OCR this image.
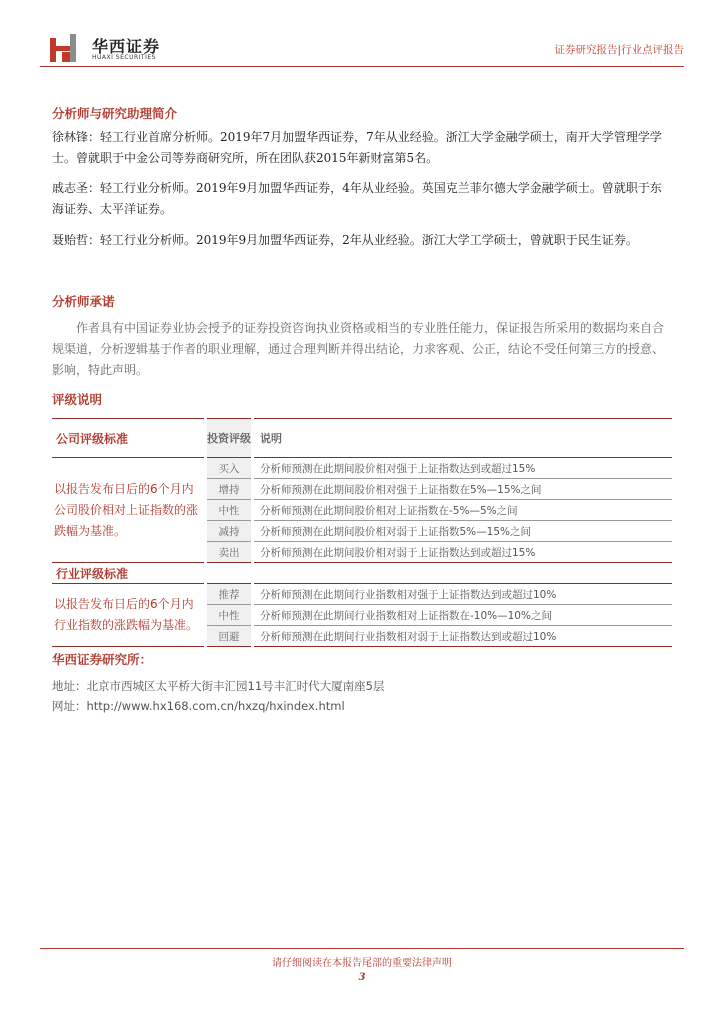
华西证券
HUAXI SECURITIES
证券研究报告|行业点评报告
分析师与研究助理简介
徐林锋：轻工行业首席分析师。2019年7月加盟华西证券，7年从业经验。浙江大学金融学硕士，南开大学管理学学士。曾就职于中金公司等券商研究所，所在团队获2015年新财富第5名。
戚志圣：轻工行业分析师。2019年9月加盟华西证券，4年从业经验。英国克兰菲尔德大学金融学硕士。曾就职于东海证券、太平洋证券。
聂贻哲：轻工行业分析师。2019年9月加盟华西证券，2年从业经验。浙江大学工学硕士，曾就职于民生证券。
分析师承诺
作者具有中国证券业协会授予的证券投资咨询执业资格或相当的专业胜任能力，保证报告所采用的数据均来自合规渠道，分析逻辑基于作者的职业理解，通过合理判断并得出结论，力求客观、公正，结论不受任何第三方的授意、影响，特此声明。
评级说明
公司评级标准	投资评级	说明
以报告发布日后的6个月内公司股价相对上证指数的涨跌幅为基准。	买入	分析师预测在此期间股价相对强于上证指数达到或超过15%
	增持	分析师预测在此期间股价相对强于上证指数在5%—15%之间
	中性	分析师预测在此期间股价相对上证指数在-5%—5%之间
	减持	分析师预测在此期间股价相对弱于上证指数5%—15%之间
	卖出	分析师预测在此期间股价相对弱于上证指数达到或超过15%
行业评级标准		
以报告发布日后的6个月内行业指数的涨跌幅为基准。	推荐	分析师预测在此期间行业指数相对强于上证指数达到或超过10%
	中性	分析师预测在此期间行业指数相对上证指数在-10%—10%之间
	回避	分析师预测在此期间行业指数相对弱于上证指数达到或超过10%
华西证券研究所：
地址：北京市西城区太平桥大街丰汇园11号丰汇时代大厦南座5层
网址：http://www.hx168.com.cn/hxzq/hxindex.html
请仔细阅读在本报告尾部的重要法律声明
3
